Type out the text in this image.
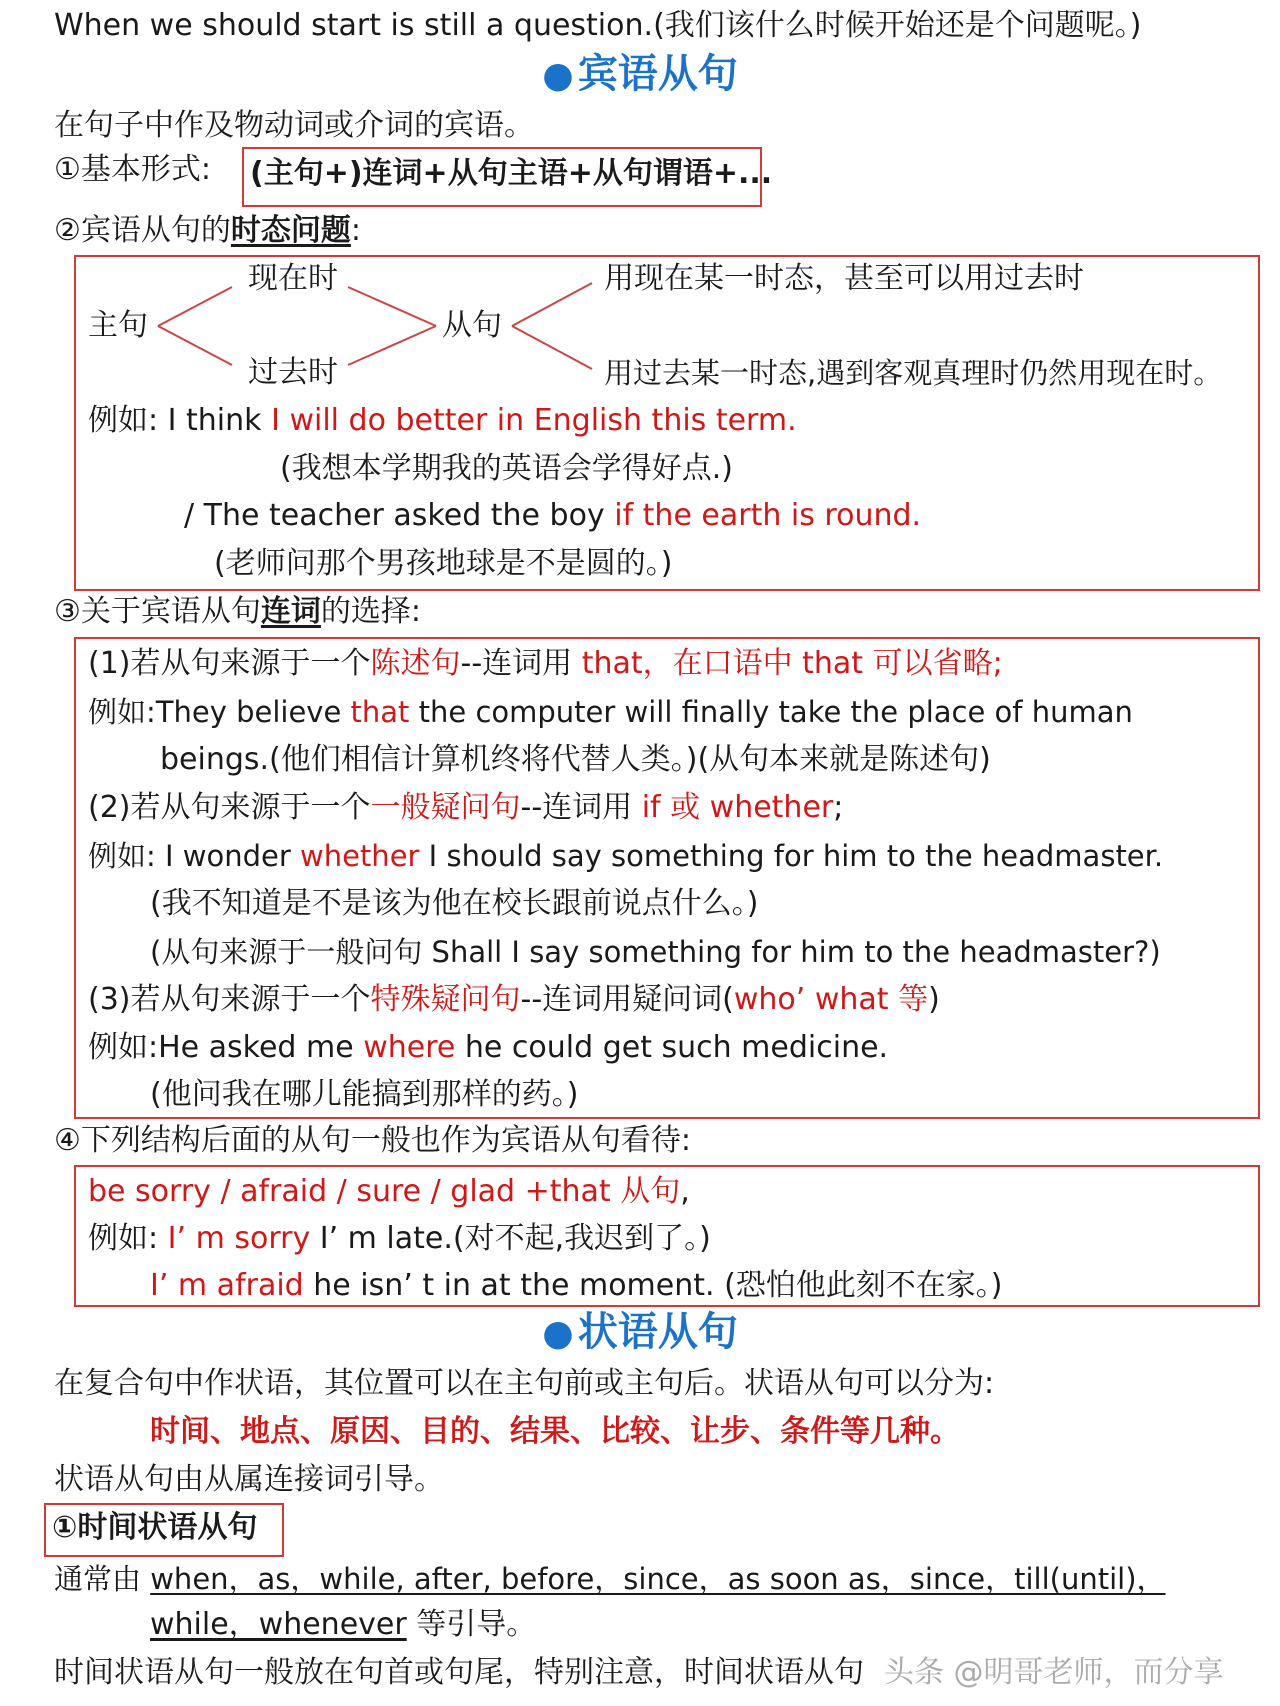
When we should start is still a question.(我们该什么时候开始还是个问题呢。)
● 宾语从句
在句子中作及物动词或介词的宾语。
①基本形式: (主句+)连词+从句主语+从句谓语+...
②宾语从句的时态问题:
现在时
主句	从句
过去时
用现在某一时态，甚至可以用过去时
用过去某一时态,遇到客观真理时仍然用现在时。
例如: I think I will do better in English this term.
(我想本学期我的英语会学得好点.)
/ The teacher asked the boy if the earth is round.
(老师问那个男孩地球是不是圆的。)
③关于宾语从句连词的选择:
(1)若从句来源于一个陈述句--连词用 that，在口语中 that 可以省略;
例如:They believe that the computer will finally take the place of human
beings.(他们相信计算机终将代替人类。)(从句本来就是陈述句)
(2)若从句来源于一个一般疑问句--连词用 if 或 whether;
例如: I wonder whether I should say something for him to the headmaster.
(我不知道是不是该为他在校长跟前说点什么。)
(从句来源于一般问句 Shall I say something for him to the headmaster?)
(3)若从句来源于一个特殊疑问句--连词用疑问词(who’ what 等)
例如:He asked me where he could get such medicine.
(他问我在哪儿能搞到那样的药。)
④下列结构后面的从句一般也作为宾语从句看待:
be sorry / afraid / sure / glad +that 从句,
例如: I’ m sorry I’ m late.(对不起,我迟到了。)
I’ m afraid he isn’ t in at the moment. (恐怕他此刻不在家。)
● 状语从句
在复合句中作状语，其位置可以在主句前或主句后。状语从句可以分为:
时间、地点、原因、目的、结果、比较、让步、条件等几种。
状语从句由从属连接词引导。
①时间状语从句
通常由 when，as，while, after, before，since，as soon as，since，till(until)，
while，whenever 等引导。
时间状语从句一般放在句首或句尾，特别注意，时间状语从句 头条 @明哥老师，而分享
